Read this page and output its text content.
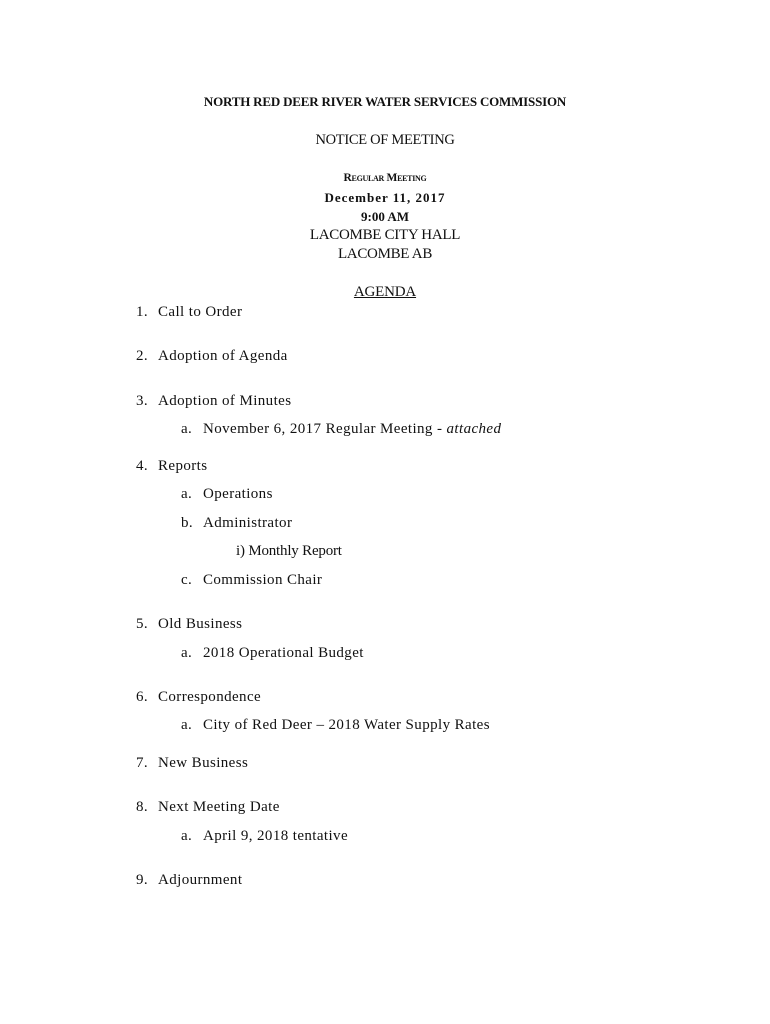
NORTH RED DEER RIVER WATER SERVICES COMMISSION
NOTICE OF MEETING
Regular Meeting
December 11, 2017
9:00 AM
LACOMBE CITY HALL
LACOMBE AB
AGENDA
1. Call to Order
2. Adoption of Agenda
3. Adoption of Minutes
a. November 6, 2017 Regular Meeting - attached
4. Reports
a. Operations
b. Administrator
i) Monthly Report
c. Commission Chair
5. Old Business
a. 2018 Operational Budget
6. Correspondence
a. City of Red Deer – 2018 Water Supply Rates
7. New Business
8. Next Meeting Date
a. April 9, 2018 tentative
9. Adjournment
